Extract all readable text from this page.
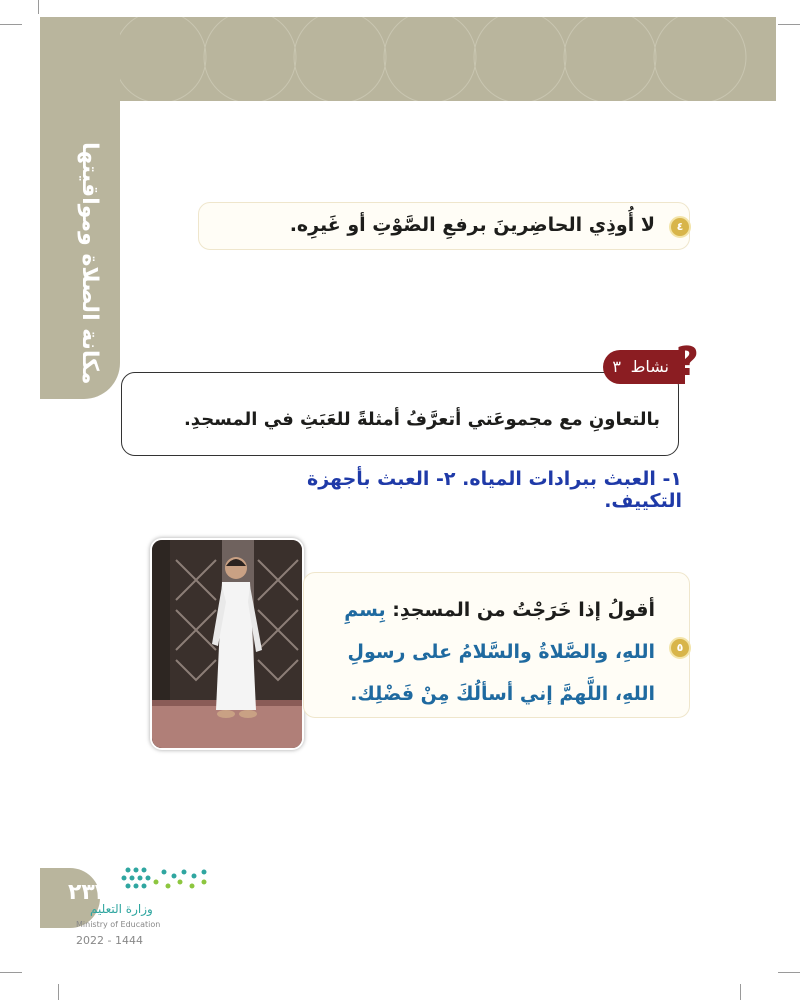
مكانة الصلاة ومواقيتها	٤
لا أُوذِي الحاضِرينَ برفعِ الصَّوْتِ أو غَيرِه.
بالتعاونِ مع مجموعَتي أتعرَّفُ أمثلةً للعَبَثِ في المسجدِ.
?
نشاط
٣
١- العبث ببرادات المياه. ٢- العبث بأجهزة التكييف.
٥
أقولُ إذا خَرَجْتُ من المسجدِ: بِسمِ اللهِ، والصَّلاةُ والسَّلامُ على رسولِ اللهِ، اللَّهمَّ إني أسألُكَ مِنْ فَضْلِك.
٢٣٢
وزارة التعليم
Ministry of Education
2022 - 1444
